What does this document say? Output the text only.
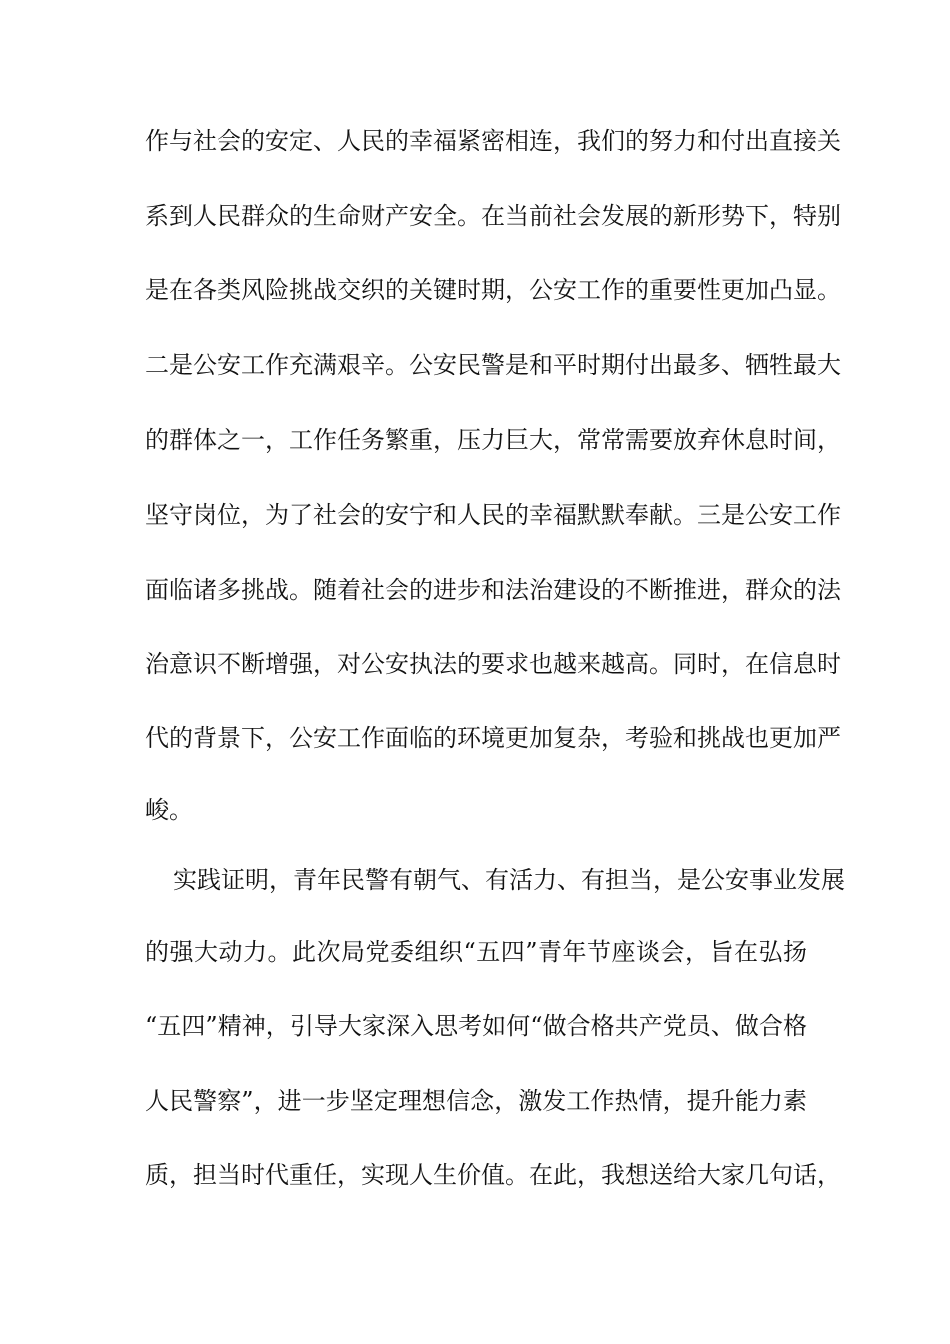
作与社会的安定、人民的幸福紧密相连，我们的努力和付出直接关
系到人民群众的生命财产安全。在当前社会发展的新形势下，特别
是在各类风险挑战交织的关键时期，公安工作的重要性更加凸显。
二是公安工作充满艰辛。公安民警是和平时期付出最多、牺牲最大
的群体之一，工作任务繁重，压力巨大，常常需要放弃休息时间，
坚守岗位，为了社会的安宁和人民的幸福默默奉献。三是公安工作
面临诸多挑战。随着社会的进步和法治建设的不断推进，群众的法
治意识不断增强，对公安执法的要求也越来越高。同时，在信息时
代的背景下，公安工作面临的环境更加复杂，考验和挑战也更加严
峻。
实践证明，青年民警有朝气、有活力、有担当，是公安事业发展
的强大动力。此次局党委组织“五四”青年节座谈会，旨在弘扬
“五四”精神，引导大家深入思考如何“做合格共产党员、做合格
人民警察”，进一步坚定理想信念，激发工作热情，提升能力素
质，担当时代重任，实现人生价值。在此，我想送给大家几句话，
